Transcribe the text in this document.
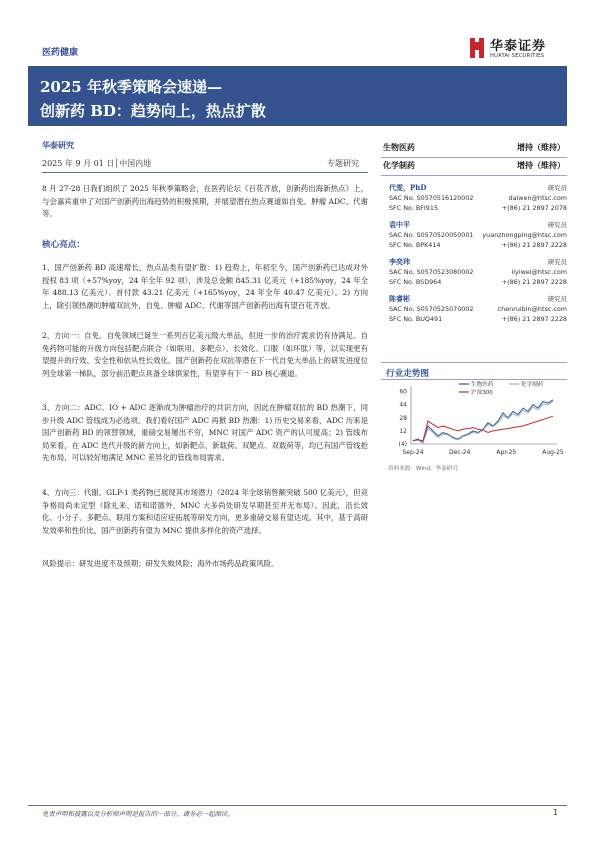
医药健康	华泰证券
HUATAI SECURITIES
2025 年秋季策略会速递—
创新药 BD：趋势向上，热点扩散
华泰研究
2025 年 9 月 01 日│中国内地	专题研究
8 月 27-28 日我们组织了 2025 年秋季策略会，在医药论坛《百花齐放，创新药出海新热点》上，与会嘉宾重申了对国产创新药出海趋势的积极预期，并展望潜在热点赛道如自免、肿瘤 ADC、代谢等。
核心亮点：
1、国产创新药 BD 高速增长，热点品类有望扩散：1) 趋势上，年初至今，国产创新药已达成对外授权 83 项（+57%yoy，24 年全年 92 项），涉及总金额 845.31 亿美元（+185%yoy，24 年全年 488.13 亿美元）、首付款 43.21 亿美元（+165%yoy，24 年全年 40.47 亿美元）。2) 方向上，除引领热潮的肿瘤双抗外，自免、肿瘤 ADC、代谢等国产创新药出海有望百花齐放。
2、方向一：自免。自免领域已诞生一系列百亿美元级大单品，但进一步的治疗需求仍有待满足。自免药物可能的升级方向包括靶点联合（如联用、多靶点）、长效化、口服（如环肽）等，以实现更有望提升的疗效、安全性和依从性长效化。国产创新药在双抗等潜在下一代自免大单品上的研发进度位列全球第一梯队，部分前沿靶点具备全球俱家性，有望享有下一 BD 核心赛道。
3、方向二：ADC。IO + ADC 逐渐成为肿瘤治疗的共识方向，因此在肿瘤双抗的 BD 热潮下，同步升级 ADC 管线成为必选项。我们看好国产 ADC 再掀 BD 热潮：1) 历史交易来看，ADC 历来是国产创新药 BD 的领替领域，重磅交易屡出不穷，MNC 对国产 ADC 资产的认可度高；2) 管线布局来看，在 ADC 迭代升级的新方向上，如新靶点、新载荷、双靶点、双载荷等，均已有国产管线抢先布局，可以较好地满足 MNC 差异化的管线布局需求。
4、方向三：代谢。GLP-1 类药物已展现其市场潜力（2024 年全球销售额突破 500 亿美元），但竞争格局尚未定型（除礼来、诺和诺德外，MNC 大多尚处研发早期甚至并无布局）。因此，沿长效化、小分子、多靶点、联用方案和适应症拓展等研发方向，更多重磅交易有望达成。其中，基于高研发效率和性价比，国产创新药有望为 MNC 提供多样化的资产选择。
风险提示：研发进度不及预期；研发失败风险；海外市场药品政策风险。
生物医药	增持（维持）
化学制药	增持（维持）
代雯，PhD	研究员
SAC No. S0570516120002	daiwen@htsc.com
SFC No. BFI915	+(86) 21 2897 2078
袁中平	研究员
SAC No. S0570520050001 yuanzhongping@htsc.com
SFC No. BPK414	+(86) 21 2897 2228
李奕玮	研究员
SAC No. S0570523080002	liyiwei@htsc.com
SFC No. BSD964	+(86) 21 2897 2228
陈睿彬	研究员
SAC No. S0570525070002	chenruibin@htsc.com
SFC No. BUQ491	+(86) 21 2897 2228
行业走势图
60
44
28
12
(4)
Sep-24	Dec-24	Apr-25	Aug-25
生物医药	化学制药
沪深300
资料来源：Wind，华泰研究
免责声明和披露以及分析师声明是报告的一部分，请务必一起阅读。	1
